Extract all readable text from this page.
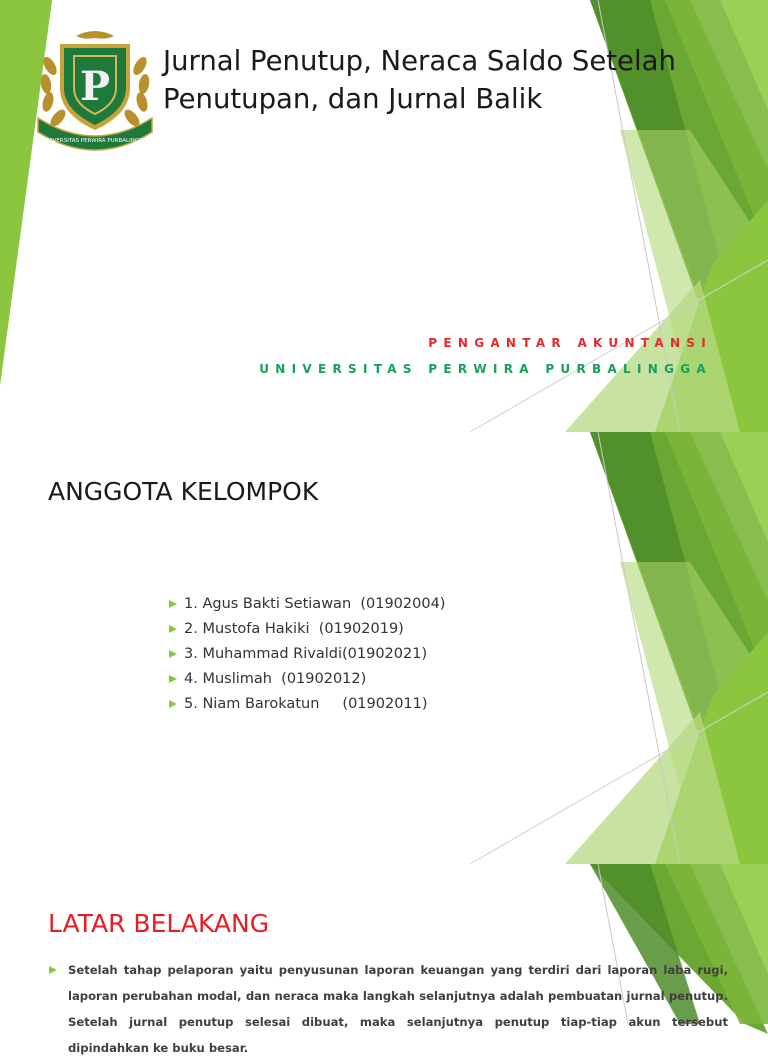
P
UNIVERSITAS PERWIRA PURBALINGGA
Jurnal Penutup, Neraca Saldo Setelah Penutupan, dan Jurnal Balik
PENGANTAR AKUNTANSI
UNIVERSITAS PERWIRA PURBALINGGA
ANGGOTA KELOMPOK
1. Agus Bakti Setiawan  (01902004)
2. Mustofa Hakiki  (01902019)
3. Muhammad Rivaldi(01902021)
4. Muslimah  (01902012)
5. Niam Barokatun     (01902011)
LATAR BELAKANG
Setelah tahap pelaporan yaitu penyusunan laporan keuangan yang terdiri dari laporan laba rugi, laporan perubahan modal, dan neraca maka langkah selanjutnya adalah pembuatan jurnal penutup. Setelah jurnal penutup selesai dibuat, maka selanjutnya penutup tiap-tiap akun tersebut dipindahkan ke buku besar.
